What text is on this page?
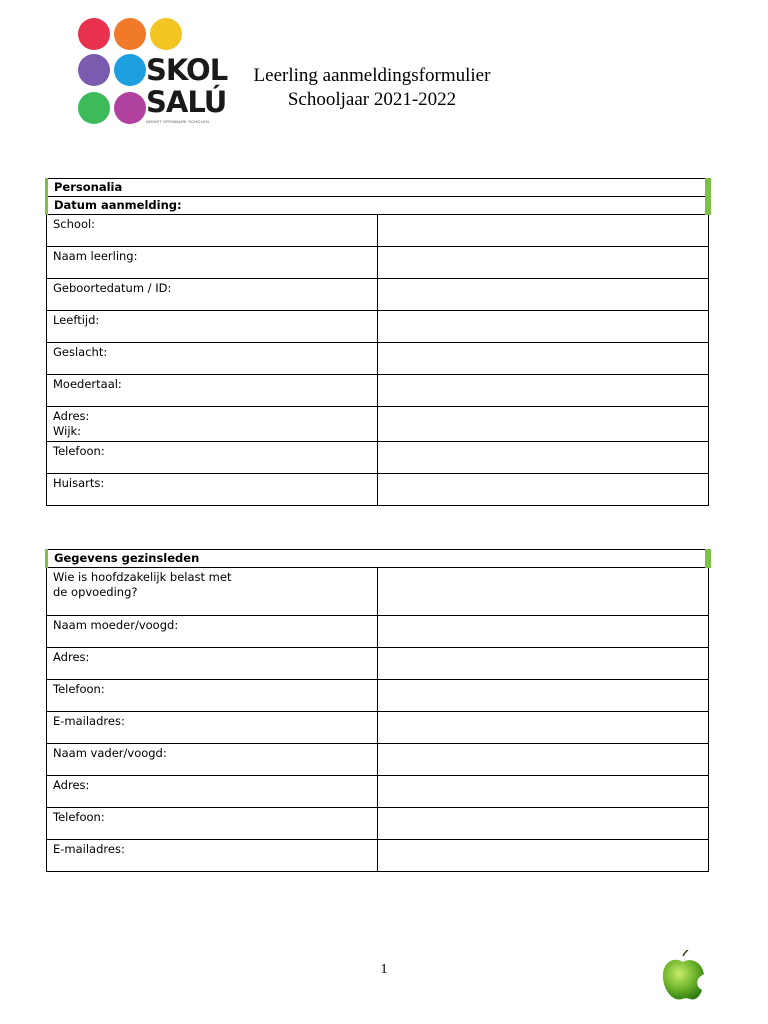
SKOL
SALÚ
DIENST OPENBARE SCHOLEN
Leerling aanmeldingsformulier
Schooljaar 2021-2022
Personalia	
Datum aanmelding:	
School:	
Naam leerling:	
Geboortedatum / ID:	
Leeftijd:	
Geslacht:	
Moedertaal:	

Adres:
Wijk:	

Telefoon:	
Huisarts:	
Gegevens gezinsleden	

Wie is hoofdzakelijk belast met
de opvoeding?	

Naam moeder/voogd:	
Adres:	
Telefoon:	
E-mailadres:	
Naam vader/voogd:	
Adres:	
Telefoon:	
E-mailadres:	
1
